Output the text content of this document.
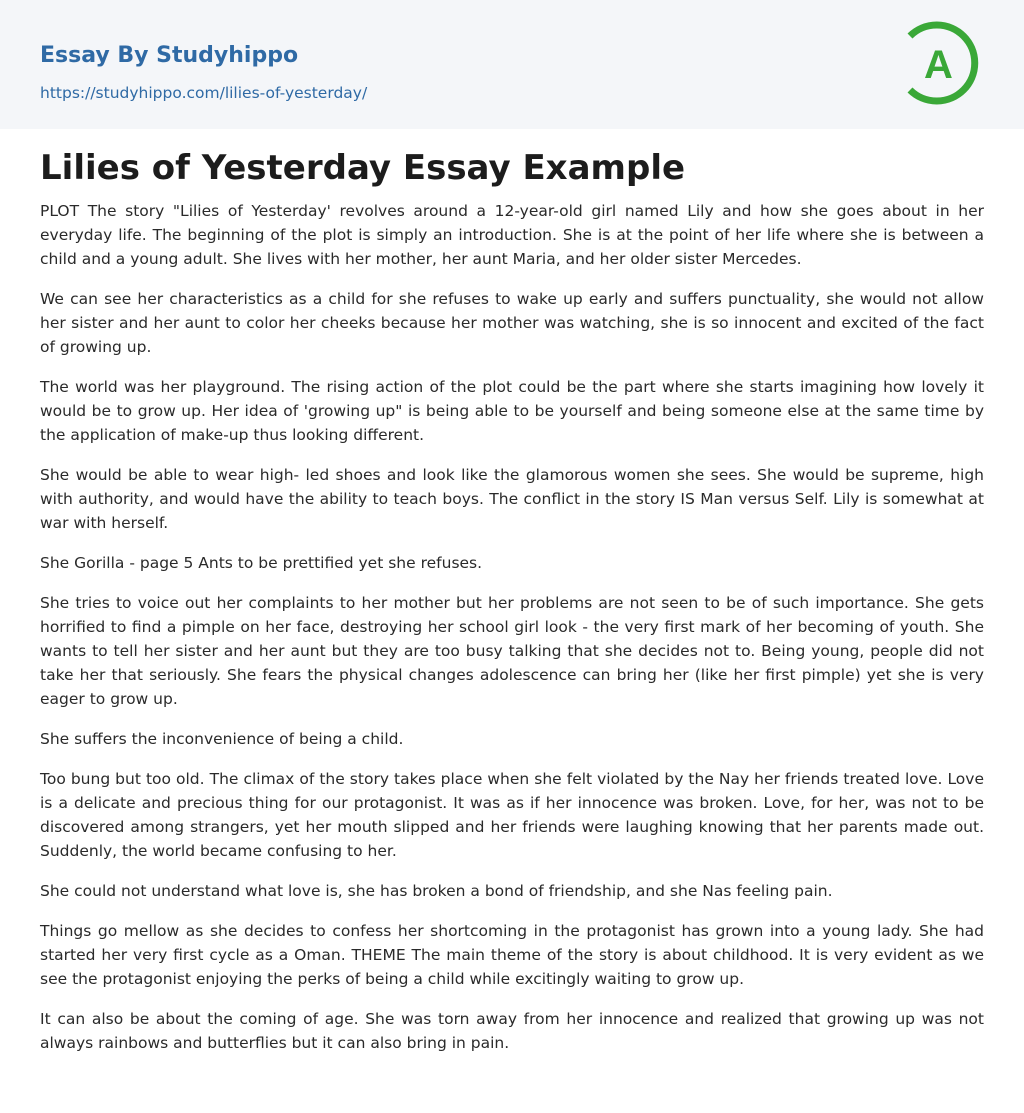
Essay By Studyhippo
https://studyhippo.com/lilies-of-yesterday/
A
Lilies of Yesterday Essay Example

PLOT The story "Lilies of Yesterday' revolves around a 12-year-old girl named Lily and how she goes about in her everyday life. The beginning of the plot is simply an introduction. She is at the point of her life where she is between a child and a young adult. She lives with her mother, her aunt Maria, and her older sister Mercedes.

We can see her characteristics as a child for she refuses to wake up early and suffers punctuality, she would not allow her sister and her aunt to color her cheeks because her mother was watching, she is so innocent and excited of the fact of growing up.

The world was her playground. The rising action of the plot could be the part where she starts imagining how lovely it would be to grow up. Her idea of 'growing up" is being able to be yourself and being someone else at the same time by the application of make-up thus looking different.

She would be able to wear high- led shoes and look like the glamorous women she sees. She would be supreme, high with authority, and would have the ability to teach boys. The conflict in the story IS Man versus Self. Lily is somewhat at war with herself.

She Gorilla - page 5 Ants to be prettified yet she refuses.

She tries to voice out her complaints to her mother but her problems are not seen to be of such importance. She gets horrified to find a pimple on her face, destroying her school girl look - the very first mark of her becoming of youth. She wants to tell her sister and her aunt but they are too busy talking that she decides not to. Being young, people did not take her that seriously. She fears the physical changes adolescence can bring her (like her first pimple) yet she is very eager to grow up.

She suffers the inconvenience of being a child.

Too bung but too old. The climax of the story takes place when she felt violated by the Nay her friends treated love. Love is a delicate and precious thing for our protagonist. It was as if her innocence was broken. Love, for her, was not to be discovered among strangers, yet her mouth slipped and her friends were laughing knowing that her parents made out. Suddenly, the world became confusing to her.

She could not understand what love is, she has broken a bond of friendship, and she Nas feeling pain.

Things go mellow as she decides to confess her shortcoming in the protagonist has grown into a young lady. She had started her very first cycle as a Oman. THEME The main theme of the story is about childhood. It is very evident as we see the protagonist enjoying the perks of being a child while excitingly waiting to grow up.

It can also be about the coming of age. She was torn away from her innocence and realized that growing up was not always rainbows and butterflies but it can also bring in pain.
